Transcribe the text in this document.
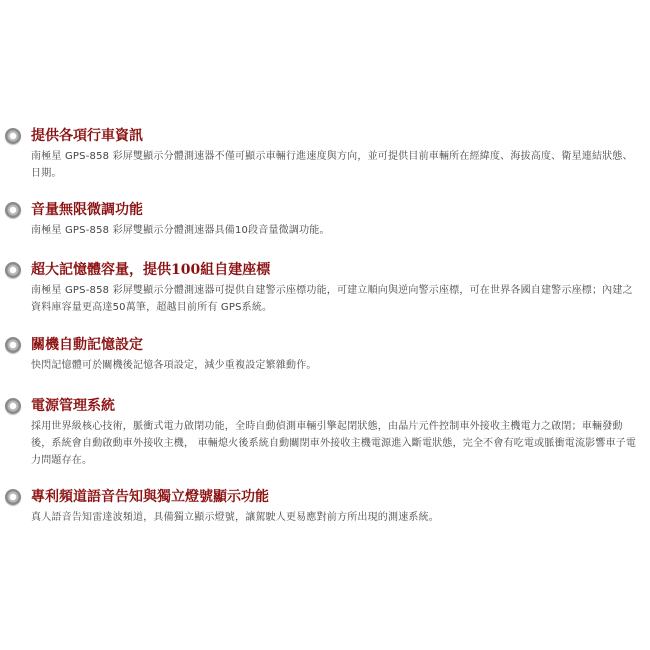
提供各項行車資訊

南極星 GPS-858 彩屏雙顯示分體測速器不僅可顯示車輛行進速度與方向，並可提供目前車輛所在經緯度、海拔高度、衛星連結狀態、日期。

音量無限微調功能

南極星 GPS-858 彩屏雙顯示分體測速器具備10段音量微調功能。

超大記憶體容量，提供100組自建座標

南極星 GPS-858 彩屏雙顯示分體測速器可提供自建警示座標功能，可建立順向與逆向警示座標，可在世界各國自建警示座標；內建之資料庫容量更高達50萬筆，超越目前所有 GPS系統。

關機自動記憶設定

快閃記憶體可於關機後記憶各項設定，減少重複設定繁雜動作。

電源管理系統

採用世界級核心技術，脈衝式電力啟閉功能，全時自動偵測車輛引擎起閉狀態，由晶片元件控制車外接收主機電力之啟閉；車輛發動後，系統會自動啟動車外接收主機， 車輛熄火後系統自動關閉車外接收主機電源進入斷電狀態，完全不會有吃電或脈衝電流影響車子電力問題存在。

專利頻道語音告知與獨立燈號顯示功能

真人語音告知雷達波頻道，具備獨立顯示燈號，讓駕駛人更易應對前方所出現的測速系統。
